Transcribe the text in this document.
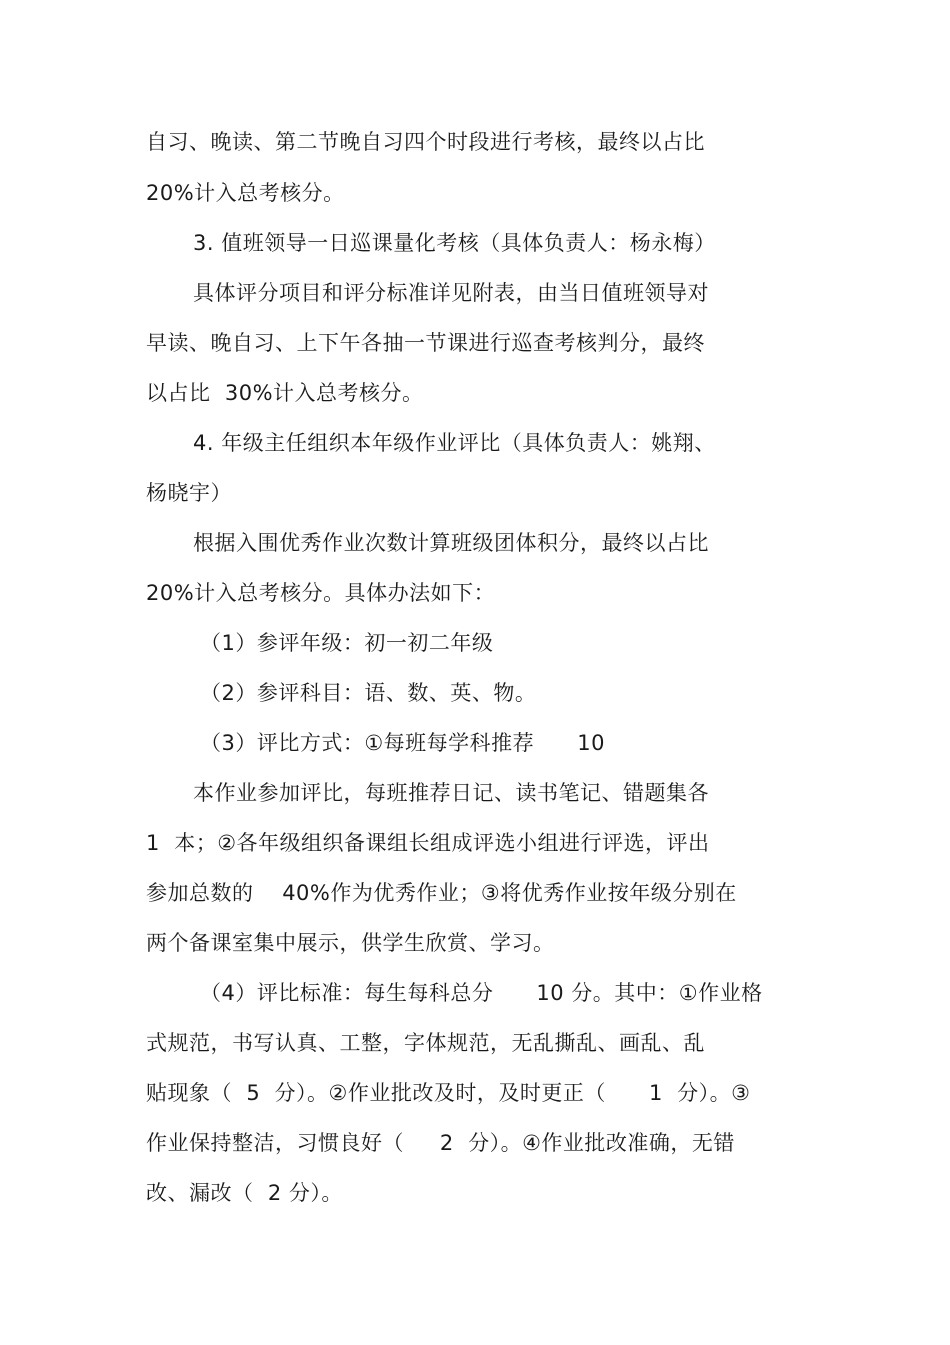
自习、晚读、第二节晚自习四个时段进行考核，最终以占比
20%计入总考核分。
3. 值班领导一日巡课量化考核（具体负责人：杨永梅）
具体评分项目和评分标准详见附表，由当日值班领导对
早读、晚自习、上下午各抽一节课进行巡查考核判分，最终
以占比  30%计入总考核分。
4. 年级主任组织本年级作业评比（具体负责人：姚翔、
杨晓宇）
根据入围优秀作业次数计算班级团体积分，最终以占比
20%计入总考核分。具体办法如下：
（1）参评年级：初一初二年级
（2）参评科目：语、数、英、物。
（3）评比方式：①每班每学科推荐      10
本作业参加评比，每班推荐日记、读书笔记、错题集各
1  本；②各年级组织备课组长组成评选小组进行评选，评出
参加总数的    40%作为优秀作业；③将优秀作业按年级分别在
两个备课室集中展示，供学生欣赏、学习。
（4）评比标准：每生每科总分      10 分。其中：①作业格
式规范，书写认真、工整，字体规范，无乱撕乱、画乱、乱
贴现象（  5  分）。②作业批改及时，及时更正（      1  分）。③
作业保持整洁，习惯良好（     2  分）。④作业批改准确，无错
改、漏改（  2 分）。
